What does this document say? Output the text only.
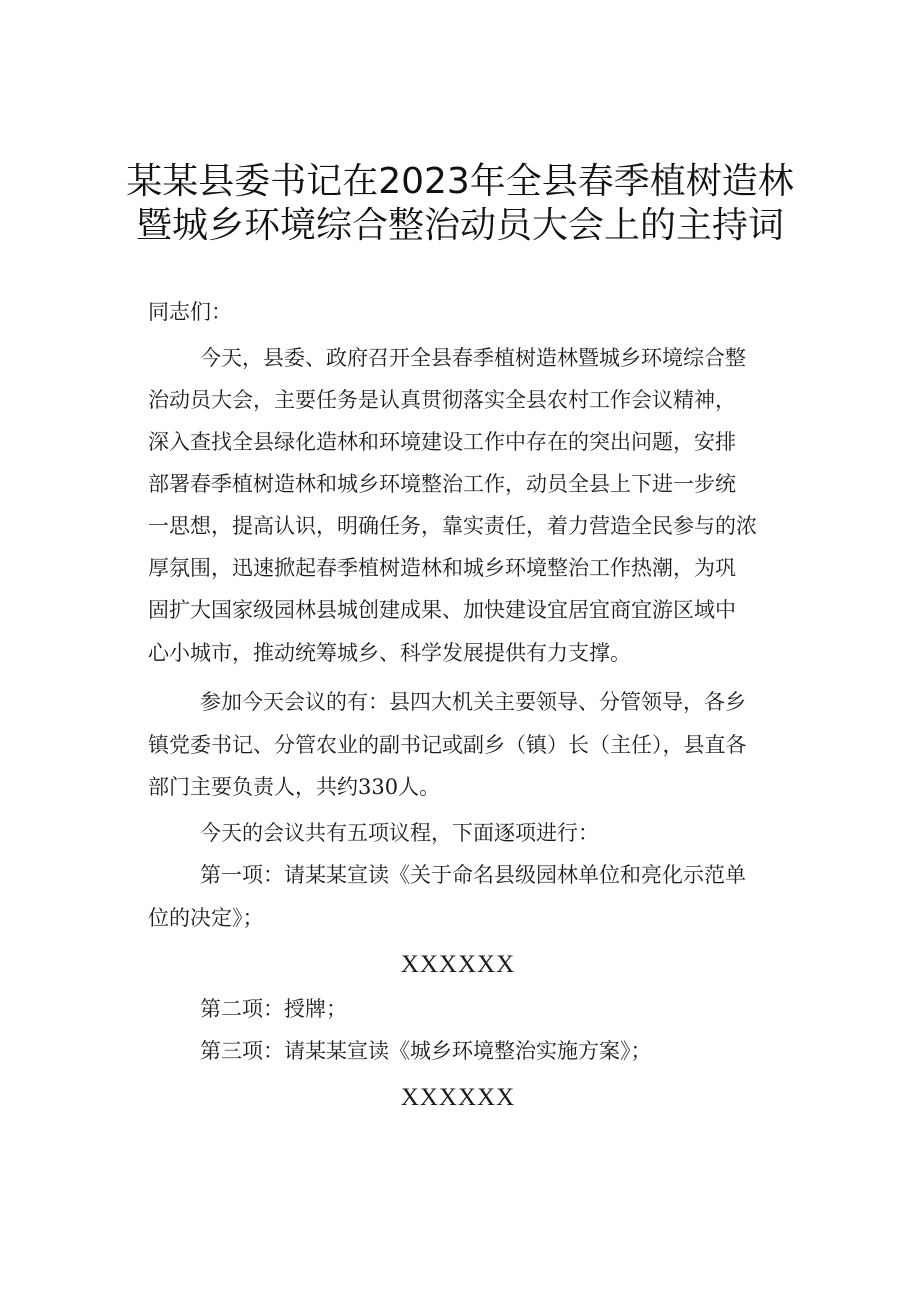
某某县委书记在2023年全县春季植树造林
暨城乡环境综合整治动员大会上的主持词
同志们：
今天，县委、政府召开全县春季植树造林暨城乡环境综合整
治动员大会，主要任务是认真贯彻落实全县农村工作会议精神，
深入查找全县绿化造林和环境建设工作中存在的突出问题，安排
部署春季植树造林和城乡环境整治工作，动员全县上下进一步统
一思想，提高认识，明确任务，靠实责任，着力营造全民参与的浓
厚氛围，迅速掀起春季植树造林和城乡环境整治工作热潮，为巩
固扩大国家级园林县城创建成果、加快建设宜居宜商宜游区域中
心小城市，推动统筹城乡、科学发展提供有力支撑。
参加今天会议的有：县四大机关主要领导、分管领导，各乡
镇党委书记、分管农业的副书记或副乡（镇）长（主任），县直各
部门主要负责人，共约330人。
今天的会议共有五项议程，下面逐项进行：
第一项：请某某宣读《关于命名县级园林单位和亮化示范单
位的决定》；
XXXXXX
第二项：授牌；
第三项：请某某宣读《城乡环境整治实施方案》；
XXXXXX
